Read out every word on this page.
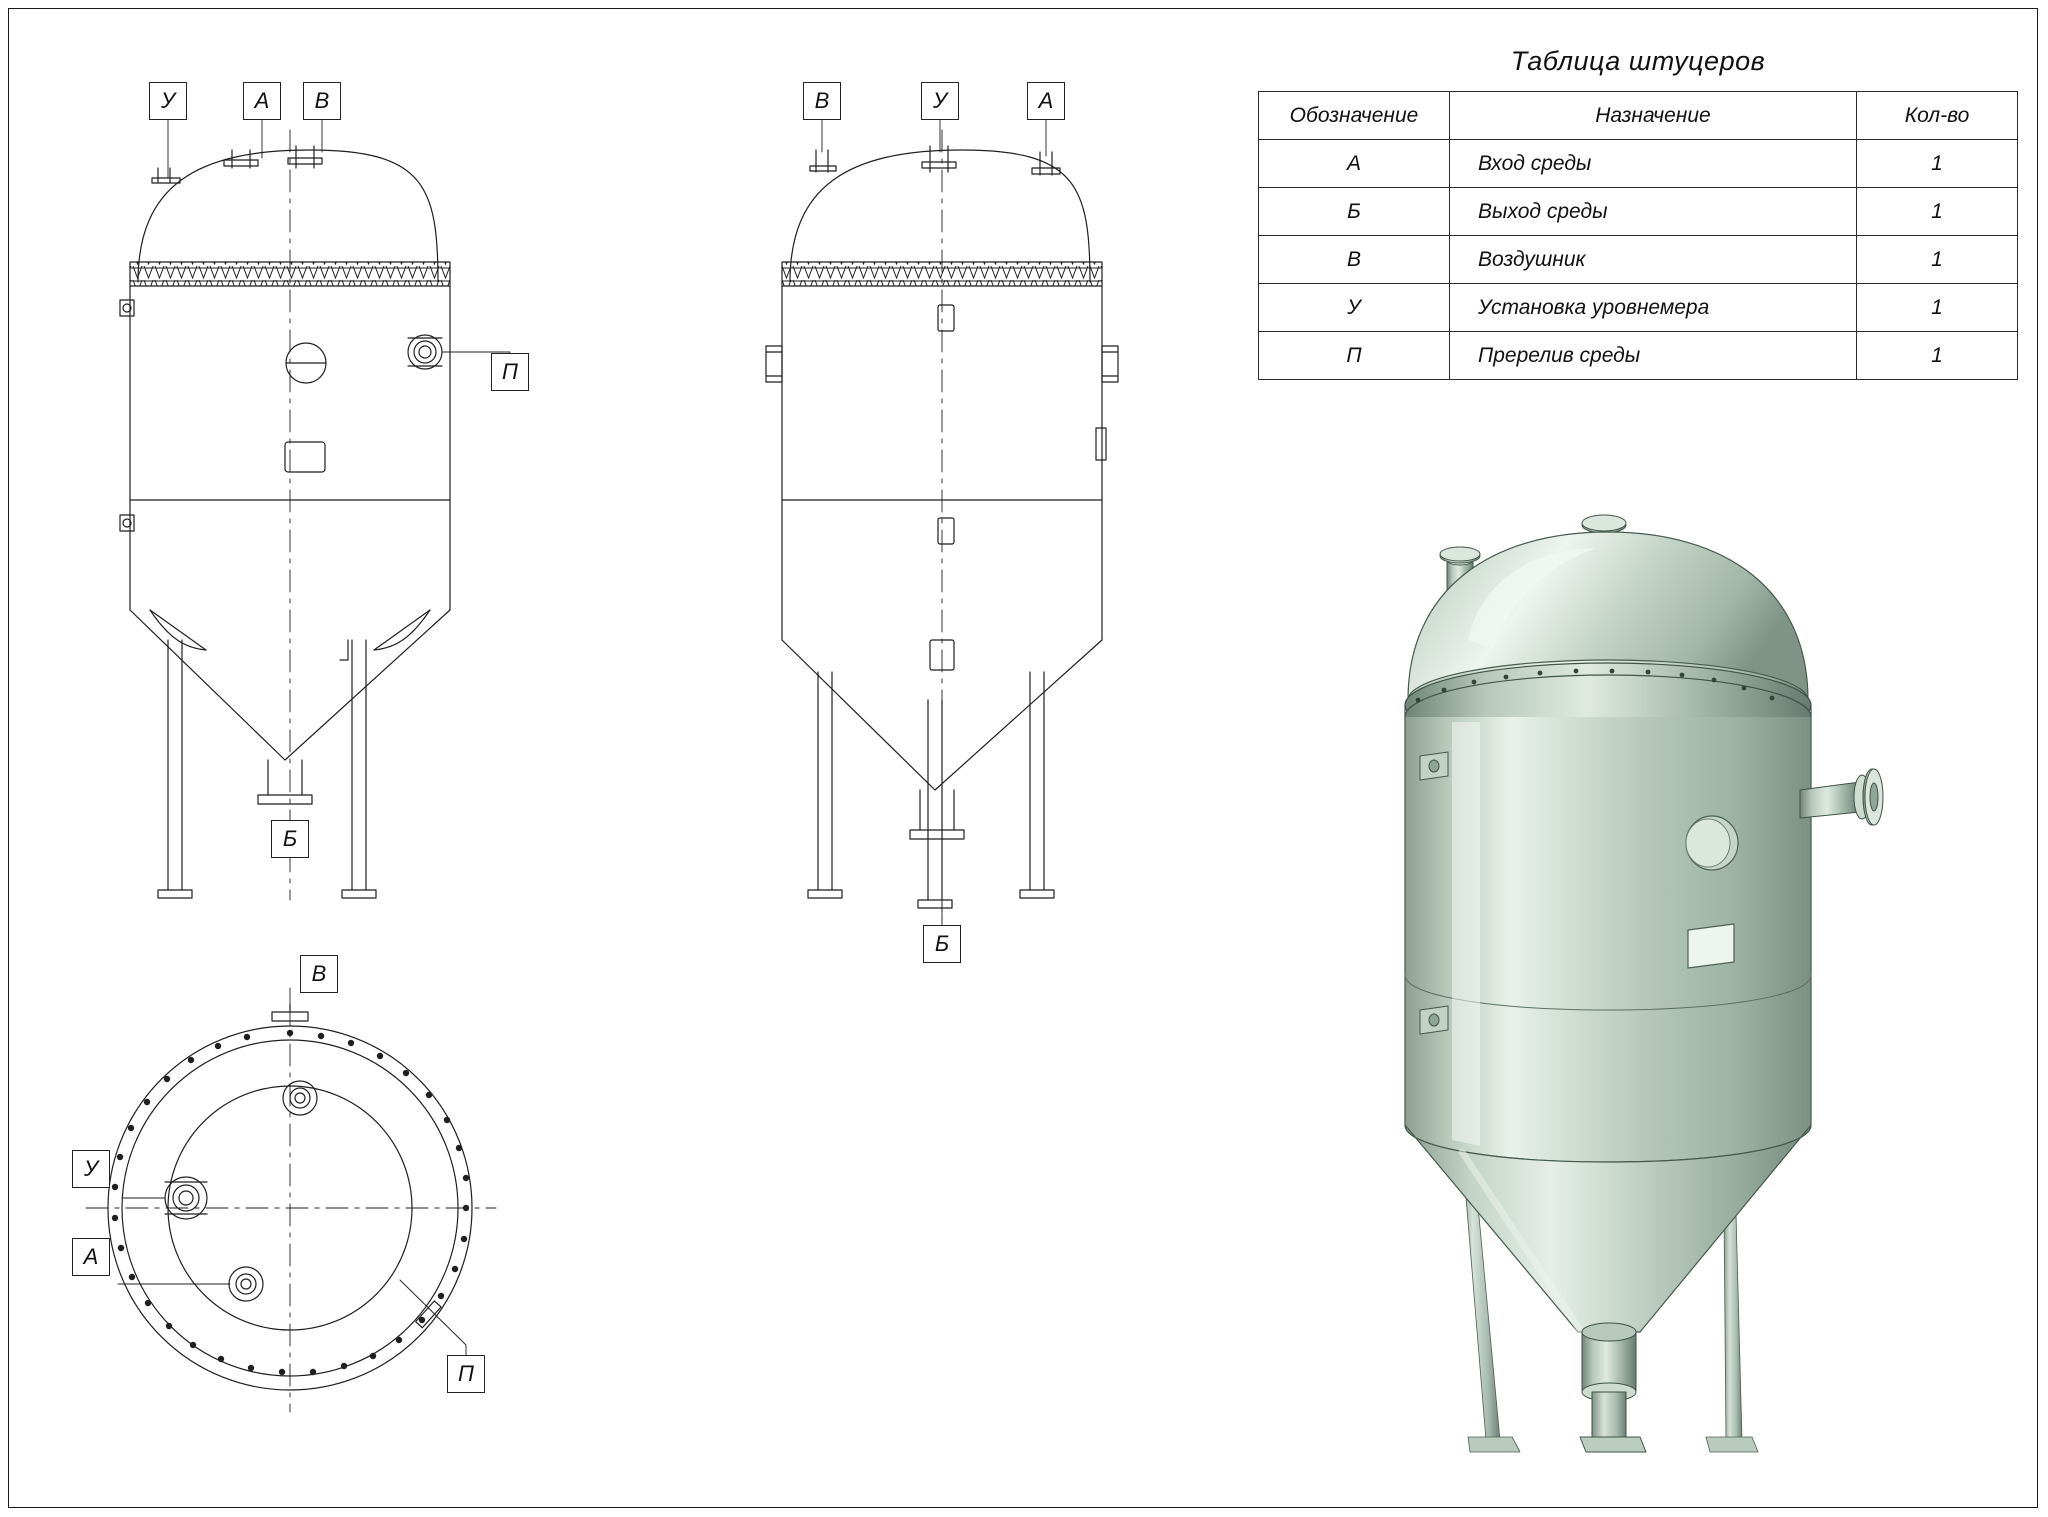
Таблица штуцеров
Обозначение	Назначение	Кол-во
А	Вход среды	1
Б	Выход среды	1
В	Воздушник	1
У	Установка уровнемера	1
П	Пререлив среды	1
У	А	В
П
Б
В	У	А
Б
В
У
А
П
